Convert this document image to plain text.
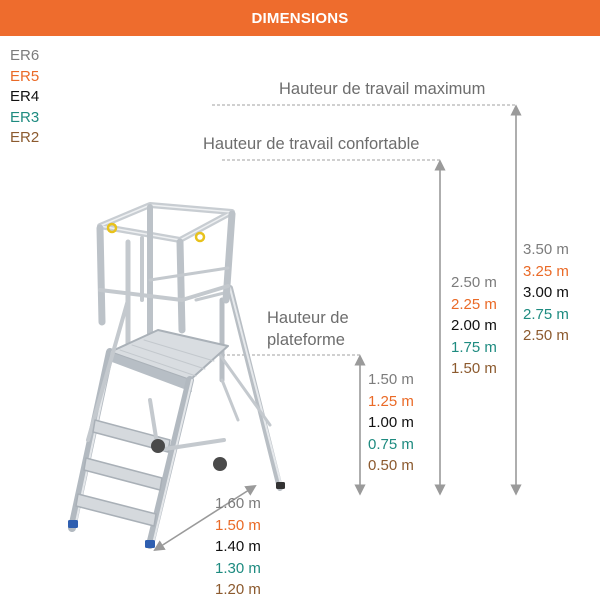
DIMENSIONS
ER6
ER5
ER4
ER3
ER2
Hauteur de travail maximum
Hauteur de travail confortable
Hauteur de
plateforme
3.50 m
3.25 m
3.00 m
2.75 m
2.50 m
2.50 m
2.25 m
2.00 m
1.75 m
1.50 m
1.50 m
1.25 m
1.00 m
0.75 m
0.50 m
1.60 m
1.50 m
1.40 m
1.30 m
1.20 m
